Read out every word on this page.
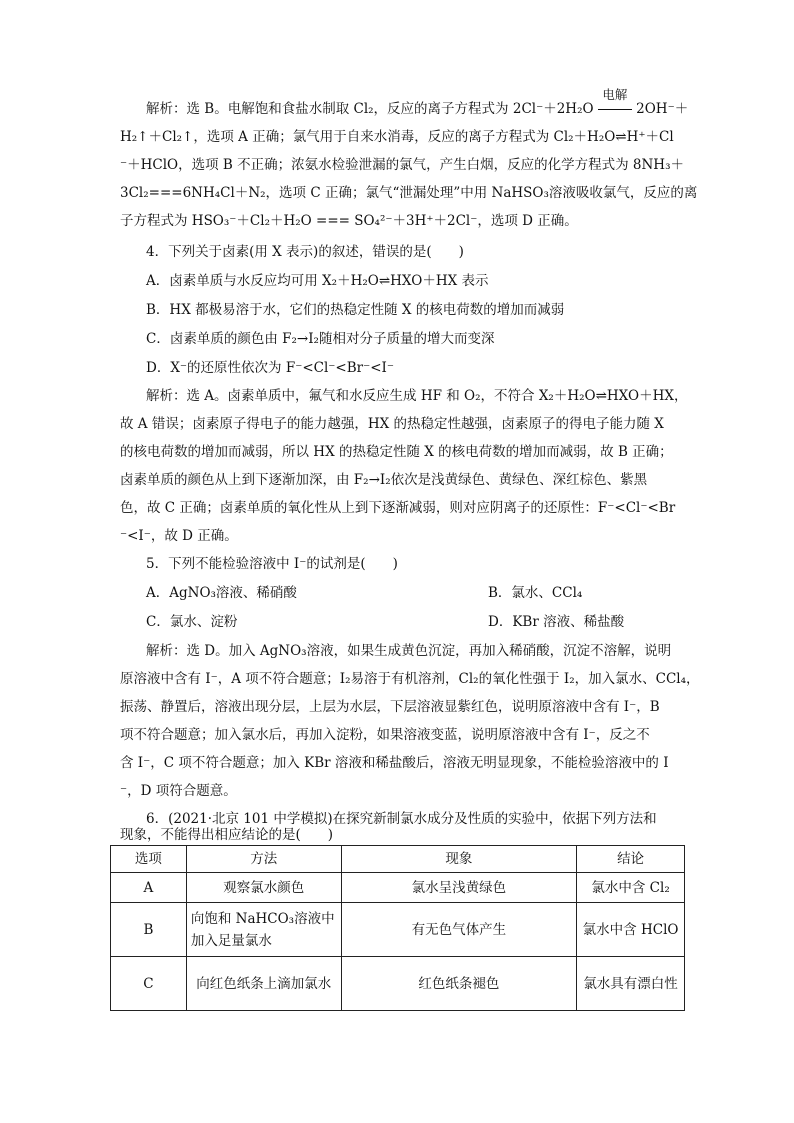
解析：选 B。电解饱和食盐水制取 Cl₂，反应的离子方程式为 2Cl⁻＋2H₂O
电解
2OH⁻＋
H₂↑＋Cl₂↑，选项 A 正确；氯气用于自来水消毒，反应的离子方程式为 Cl₂＋H₂O⇌H⁺＋Cl
⁻＋HClO，选项 B 不正确；浓氨水检验泄漏的氯气，产生白烟，反应的化学方程式为 8NH₃＋
3Cl₂===6NH₄Cl＋N₂，选项 C 正确；氯气“泄漏处理”中用 NaHSO₃溶液吸收氯气，反应的离
子方程式为 HSO₃⁻＋Cl₂＋H₂O === SO₄²⁻＋3H⁺＋2Cl⁻，选项 D 正确。
4．下列关于卤素(用 X 表示)的叙述，错误的是(　　)
A．卤素单质与水反应均可用 X₂＋H₂O⇌HXO＋HX 表示
B．HX 都极易溶于水，它们的热稳定性随 X 的核电荷数的增加而减弱
C．卤素单质的颜色由 F₂→I₂随相对分子质量的增大而变深
D．X⁻的还原性依次为 F⁻<Cl⁻<Br⁻<I⁻
解析：选 A。卤素单质中，氟气和水反应生成 HF 和 O₂，不符合 X₂＋H₂O⇌HXO＋HX，
故 A 错误；卤素原子得电子的能力越强，HX 的热稳定性越强，卤素原子的得电子能力随 X
的核电荷数的增加而减弱，所以 HX 的热稳定性随 X 的核电荷数的增加而减弱，故 B 正确；
卤素单质的颜色从上到下逐渐加深，由 F₂→I₂依次是浅黄绿色、黄绿色、深红棕色、紫黑
色，故 C 正确；卤素单质的氧化性从上到下逐渐减弱，则对应阴离子的还原性：F⁻<Cl⁻<Br
⁻<I⁻，故 D 正确。
5．下列不能检验溶液中 I⁻的试剂是(　　)
A．AgNO₃溶液、稀硝酸	B．氯水、CCl₄
C．氯水、淀粉	D．KBr 溶液、稀盐酸
解析：选 D。加入 AgNO₃溶液，如果生成黄色沉淀，再加入稀硝酸，沉淀不溶解，说明
原溶液中含有 I⁻，A 项不符合题意；I₂易溶于有机溶剂，Cl₂的氧化性强于 I₂，加入氯水、CCl₄，
振荡、静置后，溶液出现分层，上层为水层，下层溶液显紫红色，说明原溶液中含有 I⁻，B
项不符合题意；加入氯水后，再加入淀粉，如果溶液变蓝，说明原溶液中含有 I⁻，反之不
含 I⁻，C 项不符合题意；加入 KBr 溶液和稀盐酸后，溶液无明显现象，不能检验溶液中的 I
⁻，D 项符合题意。
6．(2021·北京 101 中学模拟)在探究新制氯水成分及性质的实验中，依据下列方法和
现象，不能得出相应结论的是(　　)
选项	方法	现象	结论
A	观察氯水颜色	氯水呈浅黄绿色	氯水中含 Cl₂
B	向饱和 NaHCO₃溶液中加入足量氯水	有无色气体产生	氯水中含 HClO
C	向红色纸条上滴加氯水	红色纸条褪色	氯水具有漂白性
